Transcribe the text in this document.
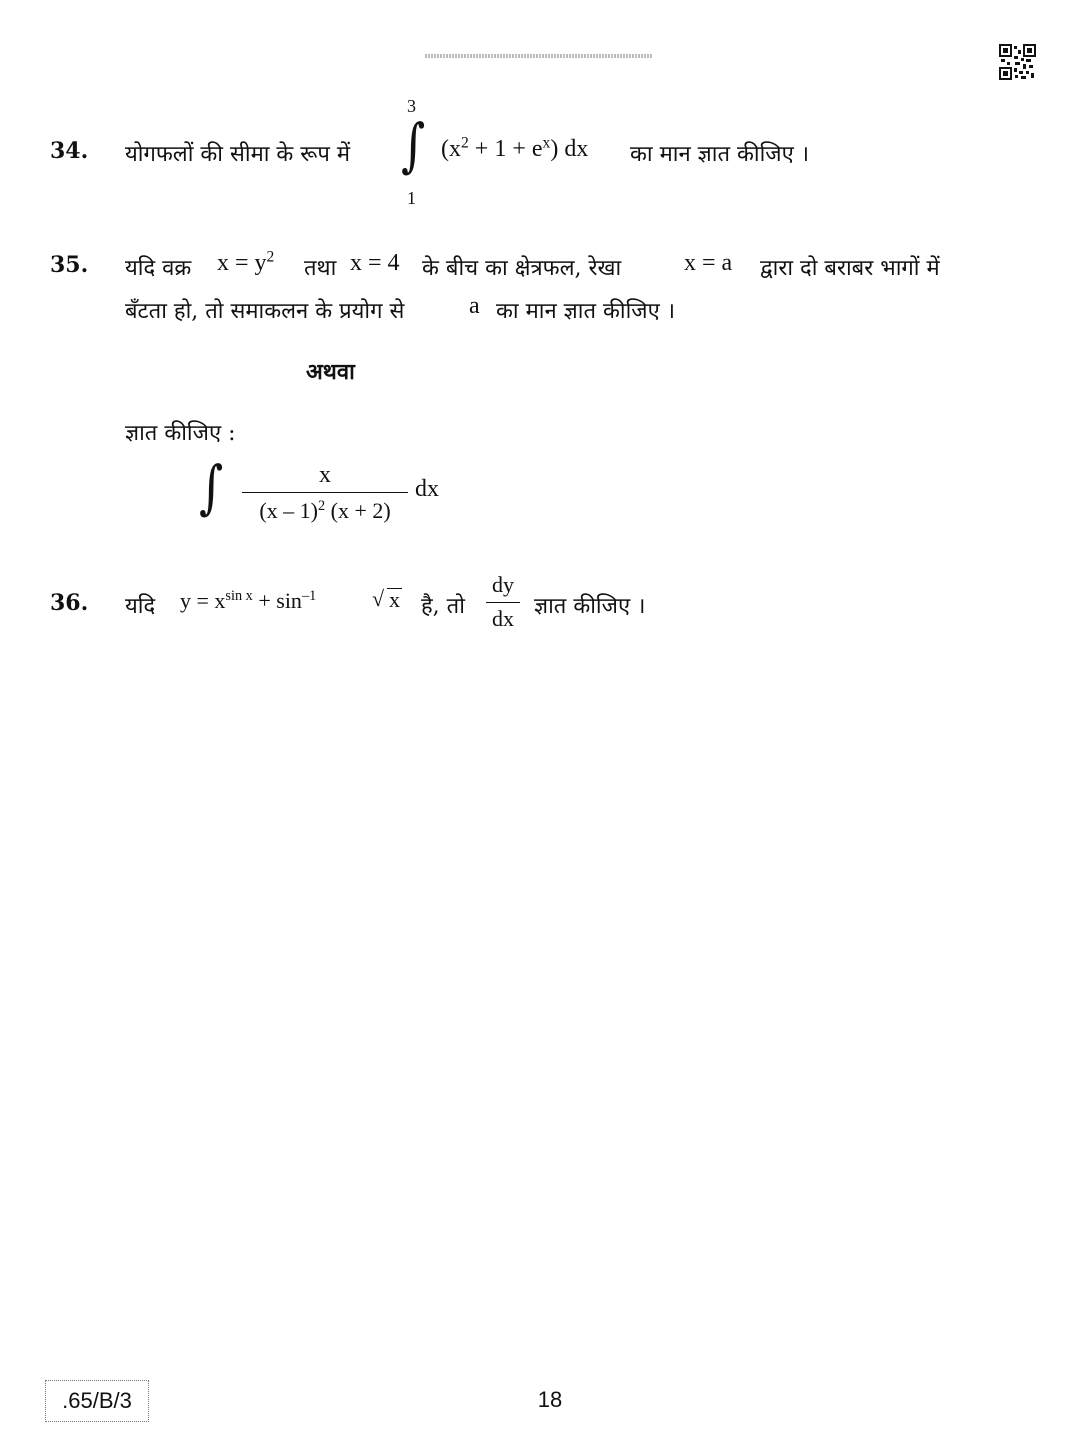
34. योगफलों की सीमा के रूप में
3
∫
1
$(x^2 + 1 + e^x)$ dx का मान ज्ञात कीजिए ।
35. यदि वक्र $x = y^2$ तथा x = 4 के बीच का क्षेत्रफल, रेखा	x = a द्वारा दो बराबर भागों में
बँटता हो, तो समाकलन के प्रयोग से	a का मान ज्ञात कीजिए ।
अथवा
ज्ञात कीजिए :
∫	x
(x – 1)$^2$ (x + 2)
dx
36. यदि $y = x^{sin x} + \sin^{-1}$	√ x है, तो
dy
dx ज्ञात कीजिए ।
.65/B/3	18
